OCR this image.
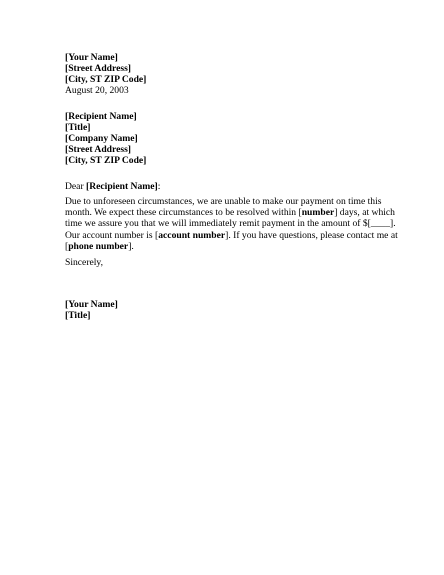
[Your Name]
[Street Address]
[City, ST ZIP Code]
August 20, 2003
[Recipient Name]
[Title]
[Company Name]
[Street Address]
[City, ST ZIP Code]
Dear [Recipient Name]:
Due to unforeseen circumstances, we are unable to make our payment on time this
month. We expect these circumstances to be resolved within [number] days, at which
time we assure you that we will immediately remit payment in the amount of $[____].
Our account number is [account number]. If you have questions, please contact me at
[phone number].
Sincerely,
[Your Name]
[Title]
